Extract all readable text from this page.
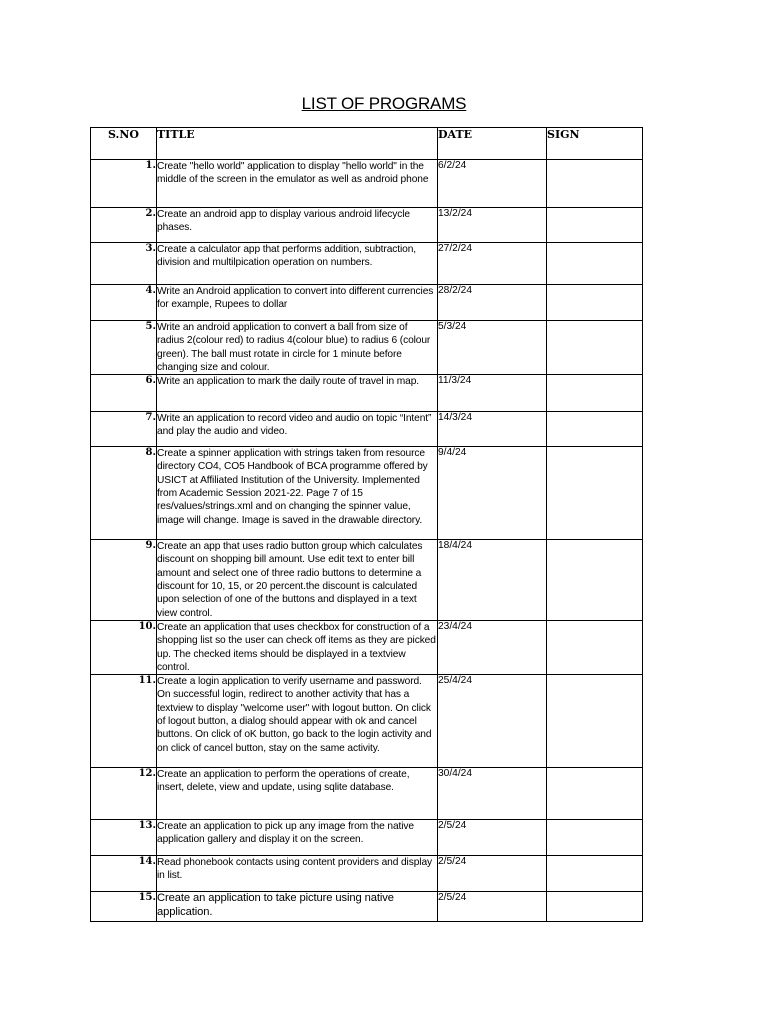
LIST OF PROGRAMS
S.NO	TITLE	DATE	SIGN
1.	Create "hello world" application to display "hello world" in the middle of the screen in the emulator as well as android phone	6/2/24	
2.	Create an android app to display various android lifecycle phases.	13/2/24	
3.	Create a calculator app that performs addition, subtraction, division and multilpication operation on numbers.	27/2/24	
4.	Write an Android application to convert into different currencies for example, Rupees to dollar	28/2/24	
5.	Write an android application to convert a ball from size of radius 2(colour red) to radius 4(colour blue) to radius 6 (colour green). The ball must rotate in circle for 1 minute before changing size and colour.	5/3/24	
6.	Write an application to mark the daily route of travel in map.	11/3/24	
7.	Write an application to record video and audio on topic “Intent” and play the audio and video.	14/3/24	
8.	Create a spinner application with strings taken from resource directory CO4, CO5 Handbook of BCA programme offered by USICT at Affiliated Institution of the University. Implemented from Academic Session 2021-22. Page 7 of 15 res/values/strings.xml and on changing the spinner value, image will change. Image is saved in the drawable directory.	9/4/24	
9.	Create an app that uses radio button group which calculates discount on shopping bill amount. Use edit text to enter bill amount and select one of three radio buttons to determine a discount for 10, 15, or 20 percent.the discount is calculated upon selection of one of the buttons and displayed in a text view control.	18/4/24	
10.	Create an application that uses checkbox for construction of a shopping list so the user can check off items as they are picked up. The checked items should be displayed in a textview control.	23/4/24	
11.	Create a login application to verify username and password. On successful login, redirect to another activity that has a textview to display "welcome user" with logout button. On click of logout button, a dialog should appear with ok and cancel buttons. On click of oK button, go back to the login activity and on click of cancel button, stay on the same activity.	25/4/24	
12.	Create an application to perform the operations of create, insert, delete, view and update, using sqlite database.	30/4/24	
13.	Create an application to pick up any image from the native application gallery and display it on the screen.	2/5/24	
14.	Read phonebook contacts using content providers and display in list.	2/5/24	
15.	Create an application to take picture using native application.	2/5/24	
